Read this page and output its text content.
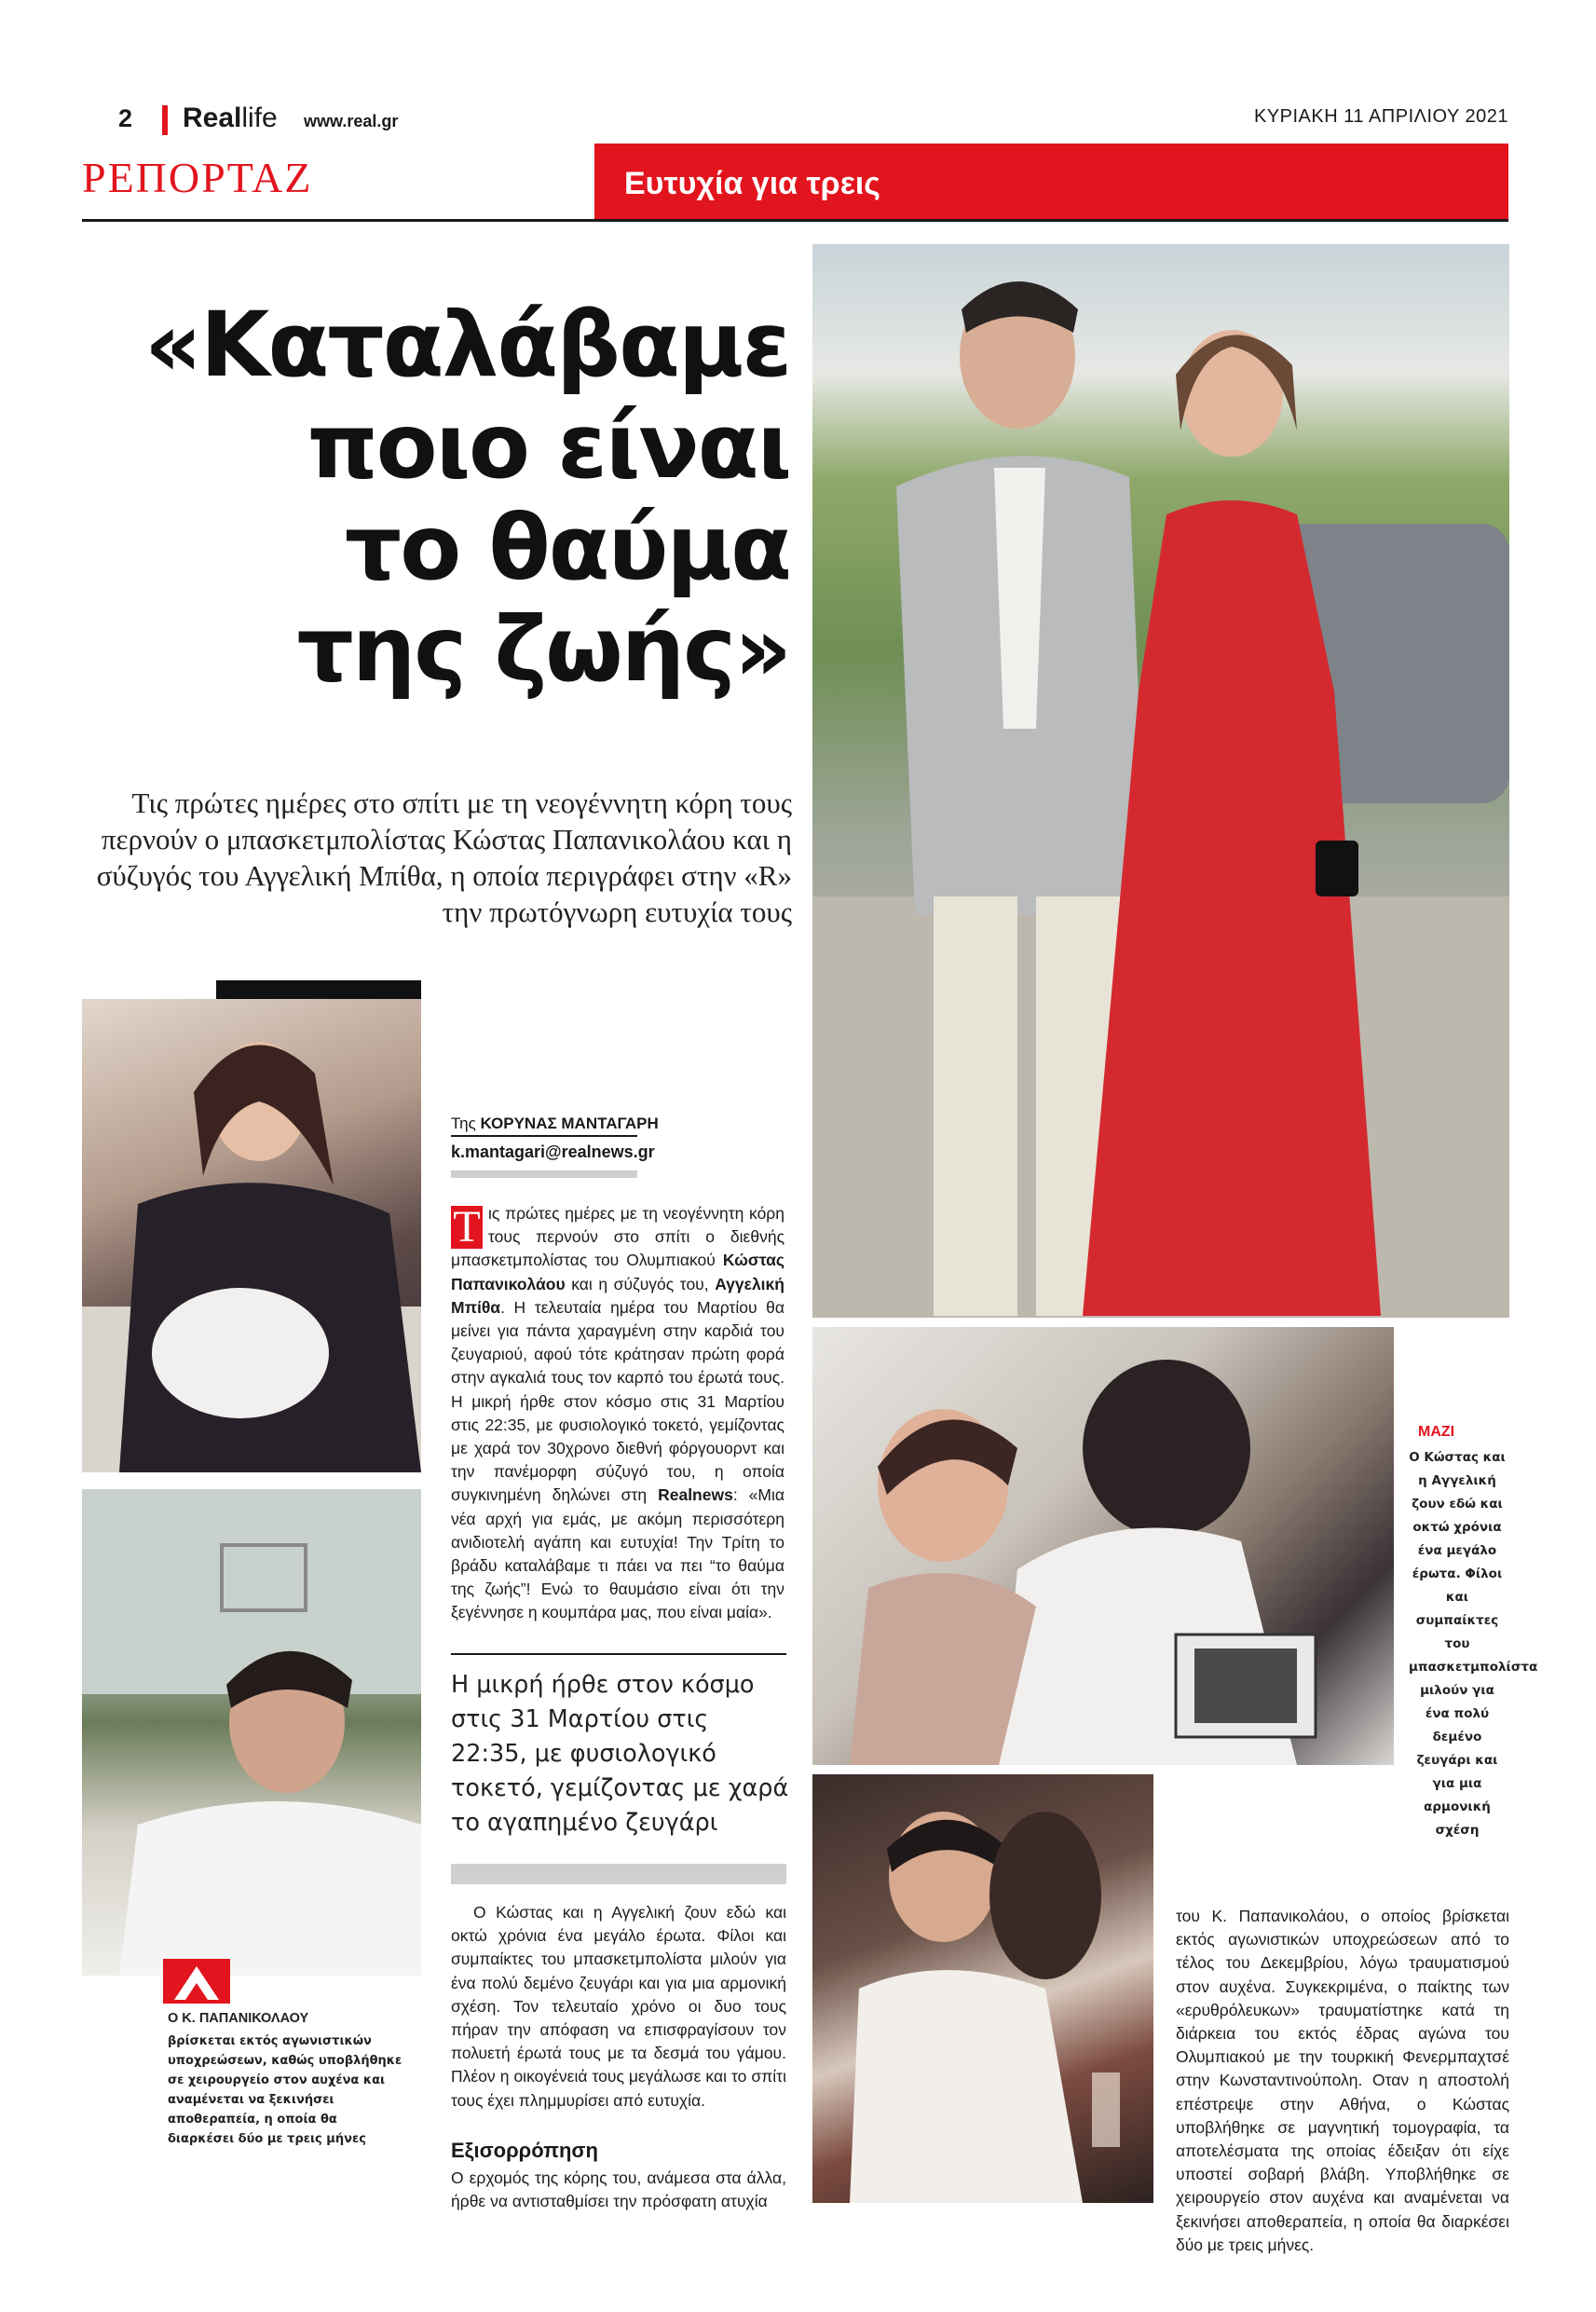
2 Reallife www.real.gr	ΚΥΡΙΑΚΗ 11 ΑΠΡΙΛΙΟΥ 2021
ΡΕΠΟΡΤΑΖ	Ευτυχία για τρεις
«Καταλάβαμε
ποιο είναι
το θαύμα
της ζωής»
Τις πρώτες ημέρες στο σπίτι με τη νεογέννητη κόρη τους περνούν ο μπασκετμπολίστας Κώστας Παπανικολάου και η σύζυγός του Αγγελική Μπίθα, η οποία περιγράφει στην «R» την πρωτόγνωρη ευτυχία τους
Της ΚΟΡΥΝΑΣ ΜΑΝΤΑΓΑΡΗ
k.mantagari@realnews.gr
Τ ις πρώτες ημέρες με τη νεογέννητη κόρη τους περνούν στο σπίτι ο διεθνής μπασκετμπολίστας του Ολυμπιακού Κώστας Παπανικολάου και η σύζυγός του, Αγγελική Μπίθα. Η τελευταία ημέρα του Μαρτίου θα μείνει για πάντα χαραγμένη στην καρδιά του ζευγαριού, αφού τότε κράτησαν πρώτη φορά στην αγκαλιά τους τον καρπό του έρωτά τους. Η μικρή ήρθε στον κόσμο στις 31 Μαρτίου στις 22:35, με φυσιολογικό τοκετό, γεμίζοντας με χαρά τον 30χρονο διεθνή φόργουορντ και την πανέμορφη σύζυγό του, η οποία συγκινημένη δηλώνει στη Realnews: «Μια νέα αρχή για εμάς, με ακόμη περισσότερη ανιδιοτελή αγάπη και ευτυχία! Την Τρίτη το βράδυ καταλάβαμε τι πάει να πει “το θαύμα της ζωής”! Ενώ το θαυμάσιο είναι ότι την ξεγέννησε η κουμπάρα μας, που είναι μαία».
Η μικρή ήρθε στον κόσμο στις 31 Μαρτίου στις 22:35, με φυσιολογικό τοκετό, γεμίζοντας με χαρά το αγαπημένο ζευγάρι
Ο Κώστας και η Αγγελική ζουν εδώ και οκτώ χρόνια ένα μεγάλο έρωτα. Φίλοι και συμπαίκτες του μπασκετμπολίστα μιλούν για ένα πολύ δεμένο ζευγάρι και για μια αρμονική σχέση. Τον τελευταίο χρόνο οι δυο τους πήραν την απόφαση να επισφραγίσουν τον πολυετή έρωτά τους με τα δεσμά του γάμου. Πλέον η οικογένειά τους μεγάλωσε και το σπίτι τους έχει πλημμυρίσει από ευτυχία.
Εξισορρόπηση
Ο ερχομός της κόρης του, ανάμεσα στα άλλα, ήρθε να αντισταθμίσει την πρόσφατη ατυχία
του Κ. Παπανικολάου, ο οποίος βρίσκεται εκτός αγωνιστικών υποχρεώσεων από το τέλος του Δεκεμβρίου, λόγω τραυματισμού στον αυχένα. Συγκεκριμένα, ο παίκτης των «ερυθρόλευκων» τραυματίστηκε κατά τη διάρκεια του εκτός έδρας αγώνα του Ολυμπιακού με την τουρκική Φενερμπαχτσέ στην Κωνσταντινούπολη. Οταν η αποστολή επέστρεψε στην Αθήνα, ο Κώστας υποβλήθηκε σε μαγνητική τομογραφία, τα αποτελέσματα της οποίας έδειξαν ότι είχε υποστεί σοβαρή βλάβη. Υποβλήθηκε σε χειρουργείο στον αυχένα και αναμένεται να ξεκινήσει αποθεραπεία, η οποία θα διαρκέσει δύο με τρεις μήνες.
ΜΑΖΙ
Ο Κώστας και η Αγγελική ζουν εδώ και οκτώ χρόνια ένα μεγάλο έρωτα. Φίλοι και συμπαίκτες του μπασκετμπολίστα μιλούν για ένα πολύ δεμένο ζευγάρι και για μια αρμονική σχέση
Ο Κ. ΠΑΠΑΝΙΚΟΛΑΟΥ
βρίσκεται εκτός αγωνιστικών υποχρεώσεων, καθώς υποβλήθηκε σε χειρουργείο στον αυχένα και αναμένεται να ξεκινήσει αποθεραπεία, η οποία θα διαρκέσει δύο με τρεις μήνες
